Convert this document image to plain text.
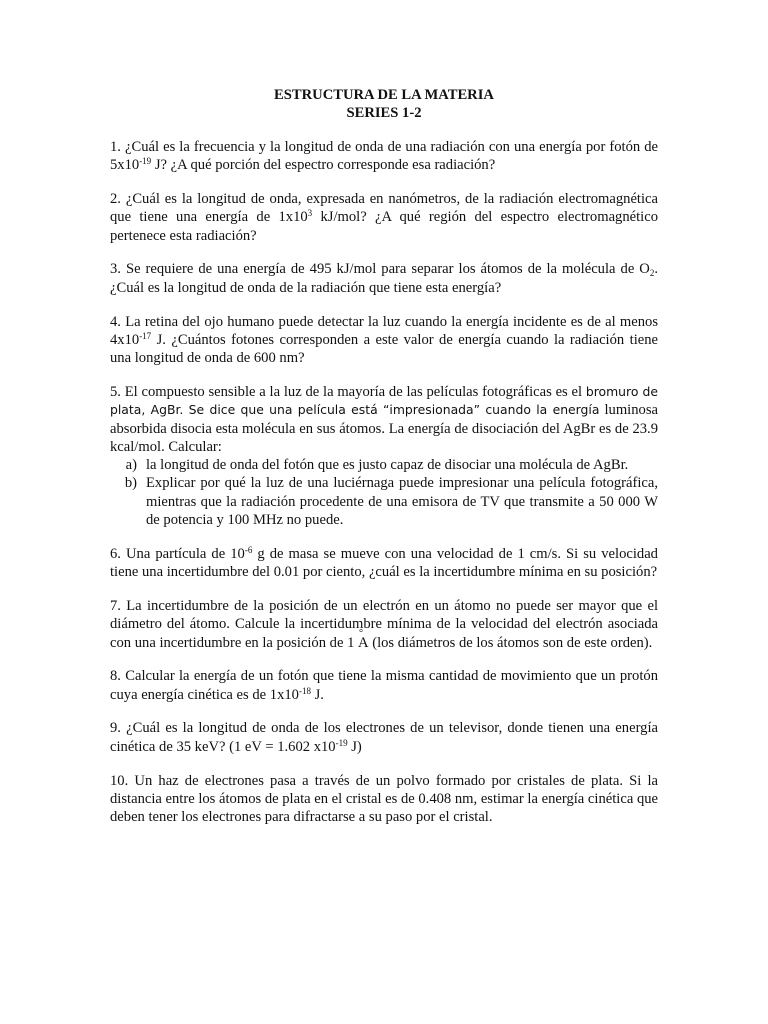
ESTRUCTURA DE LA MATERIA

SERIES 1-2

1. ¿Cuál es la frecuencia y la longitud de onda de una radiación con una energía por fotón de $5x10^{-19}$ J? ¿A qué porción del espectro corresponde esa radiación?

2. ¿Cuál es la longitud de onda, expresada en nanómetros, de la radiación electromagnética que tiene una energía de $1x10^3$ kJ/mol? ¿A qué región del espectro electromagnético pertenece esta radiación?

3. Se requiere de una energía de 495 kJ/mol para separar los átomos de la molécula de $O_2$. ¿Cuál es la longitud de onda de la radiación que tiene esta energía?

4. La retina del ojo humano puede detectar la luz cuando la energía incidente es de al menos $4x10^{-17}$ J. ¿Cuántos fotones corresponden a este valor de energía cuando la radiación tiene una longitud de onda de 600 nm?

5. El compuesto sensible a la luz de la mayoría de las películas fotográficas es el bromuro de plata, AgBr. Se dice que una película está “impresionada” cuando la energía luminosa absorbida disocia esta molécula en sus átomos. La energía de disociación del AgBr es de 23.9 kcal/mol. Calcular:
a) la longitud de onda del fotón que es justo capaz de disociar una molécula de AgBr.
b) Explicar por qué la luz de una luciérnaga puede impresionar una película fotográfica, mientras que la radiación procedente de una emisora de TV que transmite a 50 000 W de potencia y 100 MHz no puede.

6. Una partícula de $10^{-6}$ g de masa se mueve con una velocidad de 1 cm/s. Si su velocidad tiene una incertidumbre del 0.01 por ciento, ¿cuál es la incertidumbre mínima en su posición?

7. La incertidumbre de la posición de un electrón en un átomo no puede ser mayor que el diámetro del átomo. Calcule la incertidumbre mínima de la velocidad del electrón asociada con una incertidumbre en la posición de 1 ° A (los diámetros de los átomos son de este orden).

8. Calcular la energía de un fotón que tiene la misma cantidad de movimiento que un protón cuya energía cinética es de $1x10^{-18}$ J.

9. ¿Cuál es la longitud de onda de los electrones de un televisor, donde tienen una energía cinética de 35 keV? (1 eV = 1.602 $x10^{-19}$ J)

10. Un haz de electrones pasa a través de un polvo formado por cristales de plata. Si la distancia entre los átomos de plata en el cristal es de 0.408 nm, estimar la energía cinética que deben tener los electrones para difractarse a su paso por el cristal.
